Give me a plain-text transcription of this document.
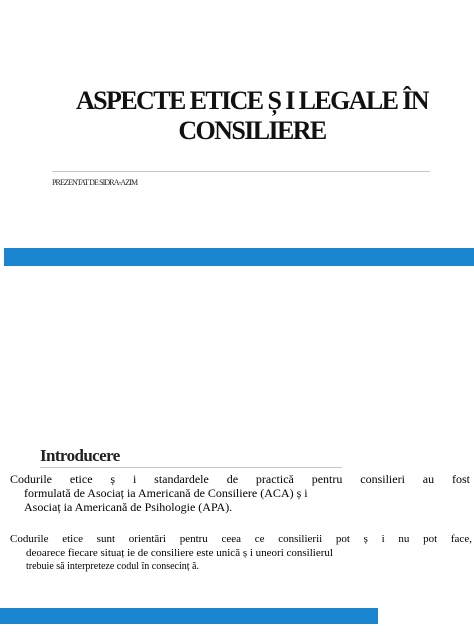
ASPECTE ETICE Ș I LEGALE ÎN
CONSILIERE
PREZENTAT DE SIDRA-AZIM
Introducere
Codurile etice ș i standardele de practică pentru consilieri au fost
formulată de Asociaț ia Americană de Consiliere (ACA) ș i
Asociaț ia Americană de Psihologie (APA).
Codurile etice sunt orientări pentru ceea ce consilierii pot ș i nu pot face,
deoarece fiecare situaț ie de consiliere este unică ș i uneori consilierul
trebuie să interpreteze codul în consecinț ă.
